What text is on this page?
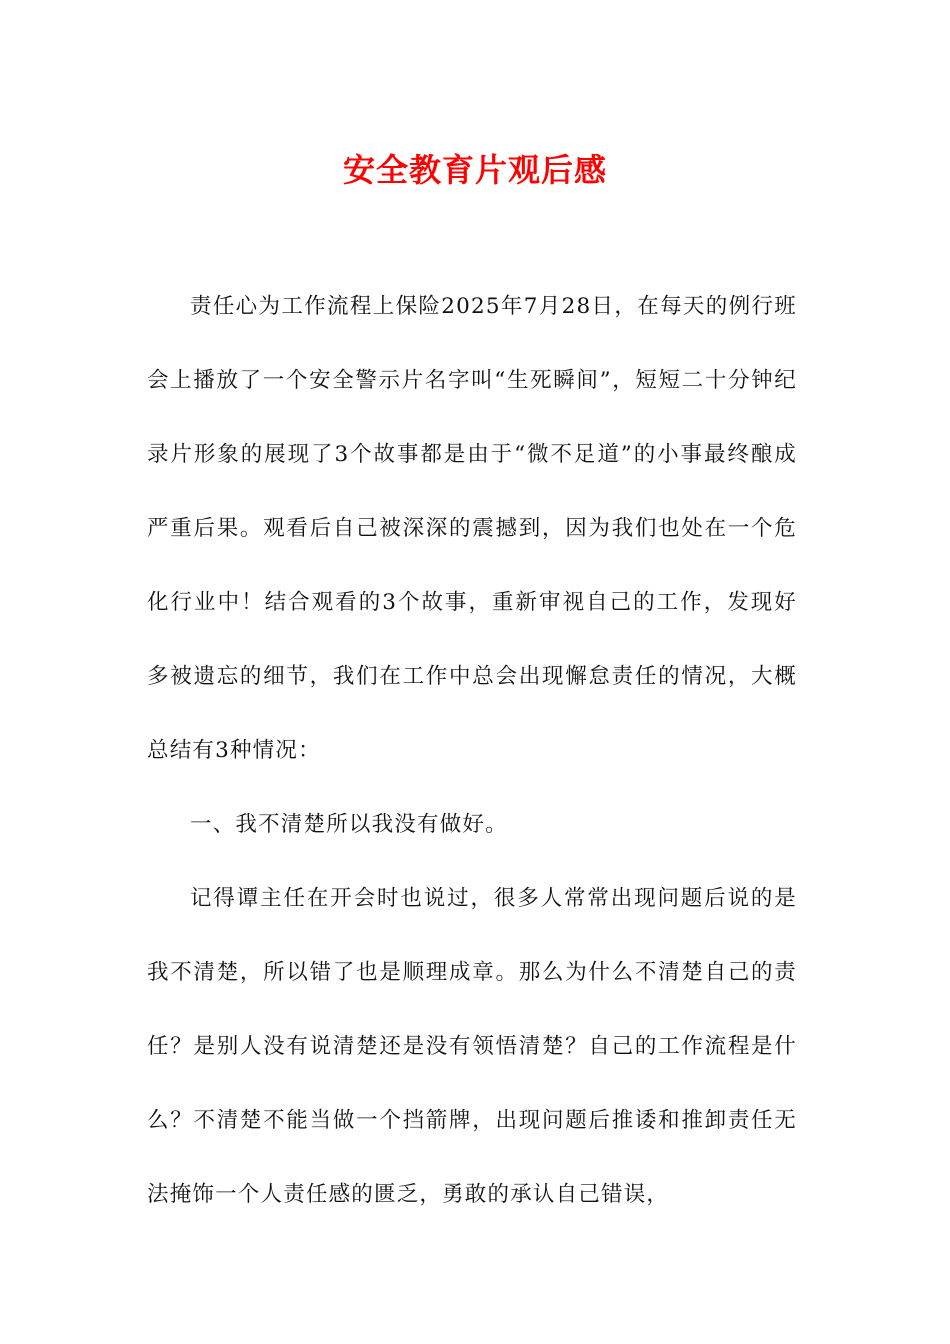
安全教育片观后感

责任心为工作流程上保险2025年7月28日，在每天的例行班会上播放了一个安全警示片名字叫“生死瞬间”，短短二十分钟纪录片形象的展现了3个故事都是由于“微不足道”的小事最终酿成严重后果。观看后自己被深深的震撼到，因为我们也处在一个危化行业中！结合观看的3个故事，重新审视自己的工作，发现好多被遗忘的细节，我们在工作中总会出现懈怠责任的情况，大概总结有3种情况：

一、我不清楚所以我没有做好。

记得谭主任在开会时也说过，很多人常常出现问题后说的是我不清楚，所以错了也是顺理成章。那么为什么不清楚自己的责任？是别人没有说清楚还是没有领悟清楚？自己的工作流程是什么？不清楚不能当做一个挡箭牌，出现问题后推诿和推卸责任无法掩饰一个人责任感的匮乏，勇敢的承认自己错误，
